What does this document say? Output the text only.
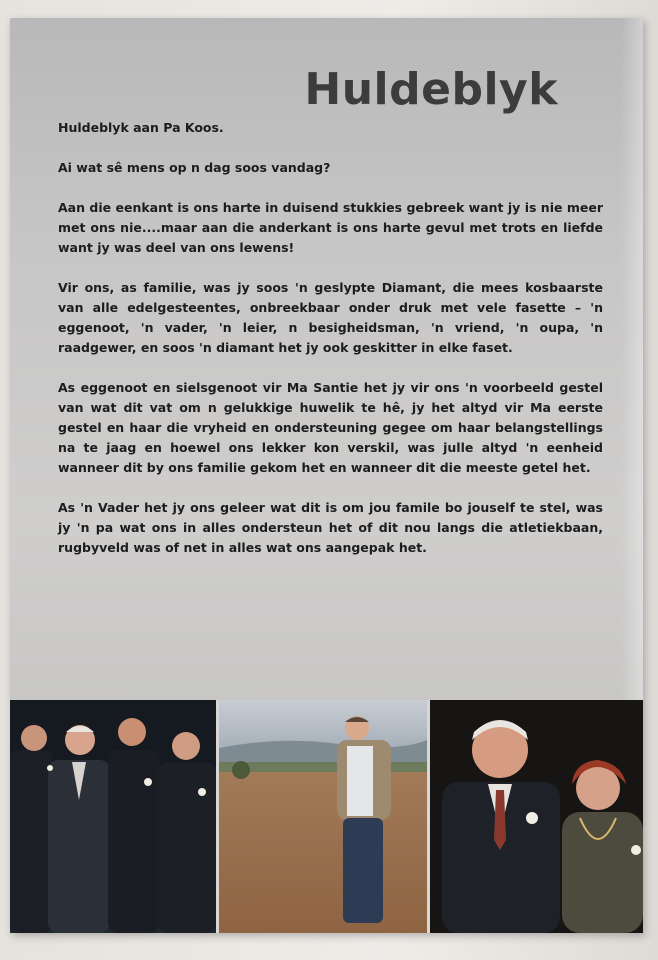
Huldeblyk

Huldeblyk aan Pa Koos.

Ai wat sê mens op n dag soos vandag?

Aan die eenkant is ons harte in duisend stukkies gebreek want jy is nie meer met ons nie....maar aan die anderkant is ons harte gevul met trots en liefde want jy was deel van ons lewens!

Vir ons, as familie, was jy soos 'n geslypte Diamant, die mees kosbaarste van alle edelgesteentes, onbreekbaar onder druk met vele fasette – 'n eggenoot, 'n vader, 'n leier, n besigheidsman, 'n vriend, 'n oupa, 'n raadgewer, en soos 'n diamant het jy ook geskitter in elke faset.

As eggenoot en sielsgenoot vir Ma Santie het jy vir ons 'n voorbeeld gestel van wat dit vat om n gelukkige huwelik te hê, jy het altyd vir Ma eerste gestel en haar die vryheid en ondersteuning gegee om haar belangstellings na te jaag en hoewel ons lekker kon verskil, was julle altyd 'n eenheid wanneer dit by ons familie gekom het en wanneer dit die meeste getel het.

As 'n Vader het jy ons geleer wat dit is om jou famile bo jouself te stel, was jy 'n pa wat ons in alles ondersteun het of dit nou langs die atletiekbaan, rugbyveld was of net in alles wat ons aangepak het.
